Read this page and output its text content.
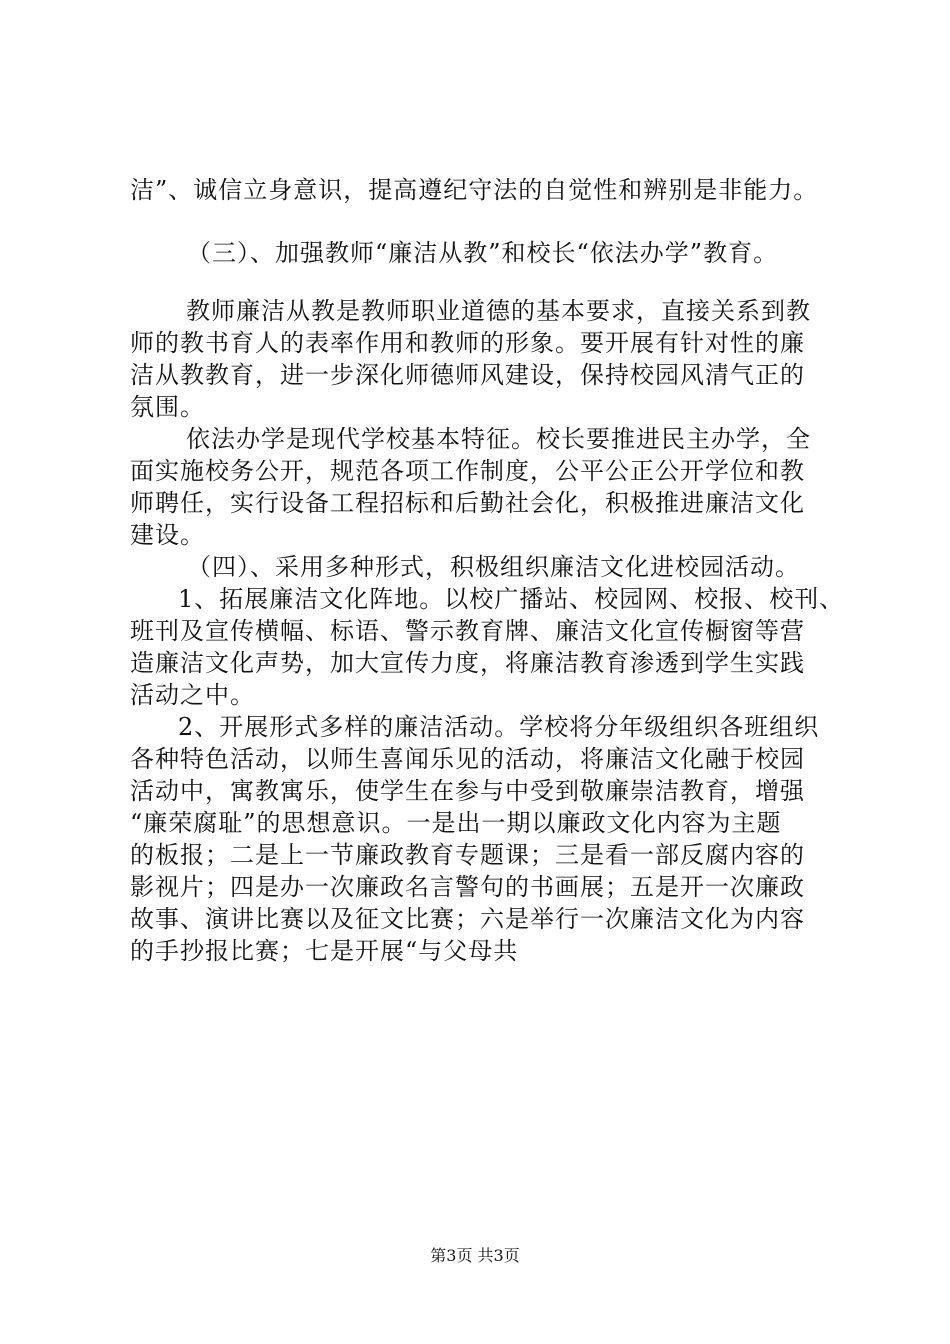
洁”、诚信立身意识，提高遵纪守法的自觉性和辨别是非能力。
（三）、加强教师“廉洁从教”和校长“依法办学”教育。
教师廉洁从教是教师职业道德的基本要求，直接关系到教
师的教书育人的表率作用和教师的形象。要开展有针对性的廉
洁从教教育，进一步深化师德师风建设，保持校园风清气正的
氛围。
依法办学是现代学校基本特征。校长要推进民主办学，全
面实施校务公开，规范各项工作制度，公平公正公开学位和教
师聘任，实行设备工程招标和后勤社会化，积极推进廉洁文化
建设。
（四）、采用多种形式，积极组织廉洁文化进校园活动。
1、拓展廉洁文化阵地。以校广播站、校园网、校报、校刊、
班刊及宣传横幅、标语、警示教育牌、廉洁文化宣传橱窗等营
造廉洁文化声势，加大宣传力度，将廉洁教育渗透到学生实践
活动之中。
2、开展形式多样的廉洁活动。学校将分年级组织各班组织
各种特色活动，以师生喜闻乐见的活动，将廉洁文化融于校园
活动中，寓教寓乐，使学生在参与中受到敬廉崇洁教育，增强
“廉荣腐耻”的思想意识。一是出一期以廉政文化内容为主题
的板报；二是上一节廉政教育专题课；三是看一部反腐内容的
影视片；四是办一次廉政名言警句的书画展；五是开一次廉政
故事、演讲比赛以及征文比赛；六是举行一次廉洁文化为内容
的手抄报比赛；七是开展“与父母共
第3页 共3页
